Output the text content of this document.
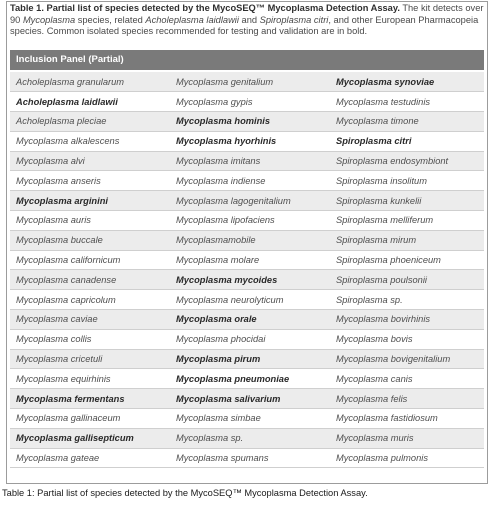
Table 1. Partial list of species detected by the MycoSEQ™ Mycoplasma Detection Assay. The kit detects over 90 Mycoplasma species, related Acholeplasma laidlawii and Spiroplasma citri, and other European Pharmacopeia species. Common isolated species recommended for testing and validation are in bold.
Inclusion Panel (Partial)
Acholeplasma granularum	Mycoplasma genitalium	Mycoplasma synoviae
Acholeplasma laidlawii	Mycoplasma gypis	Mycoplasma testudinis
Acholeplasma pleciae	Mycoplasma hominis	Mycoplasma timone
Mycoplasma alkalescens	Mycoplasma hyorhinis	Spiroplasma citri
Mycoplasma alvi	Mycoplasma imitans	Spiroplasma endosymbiont
Mycoplasma anseris	Mycoplasma indiense	Spiroplasma insolitum
Mycoplasma arginini	Mycoplasma lagogenitalium	Spiroplasma kunkelii
Mycoplasma auris	Mycoplasma lipofaciens	Spiroplasma melliferum
Mycoplasma buccale	Mycoplasmamobile	Spiroplasma mirum
Mycoplasma californicum	Mycoplasma molare	Spiroplasma phoeniceum
Mycoplasma canadense	Mycoplasma mycoides	Spiroplasma poulsonii
Mycoplasma capricolum	Mycoplasma neurolyticum	Spiroplasma sp.
Mycoplasma caviae	Mycoplasma orale	Mycoplasma bovirhinis
Mycoplasma collis	Mycoplasma phocidai	Mycoplasma bovis
Mycoplasma cricetuli	Mycoplasma pirum	Mycoplasma bovigenitalium
Mycoplasma equirhinis	Mycoplasma pneumoniae	Mycoplasma canis
Mycoplasma fermentans	Mycoplasma salivarium	Mycoplasma felis
Mycoplasma gallinaceum	Mycoplasma simbae	Mycoplasma fastidiosum
Mycoplasma gallisepticum	Mycoplasma sp.	Mycoplasma muris
Mycoplasma gateae	Mycoplasma spumans	Mycoplasma pulmonis
Table 1: Partial list of species detected by the MycoSEQ™ Mycoplasma Detection Assay.
